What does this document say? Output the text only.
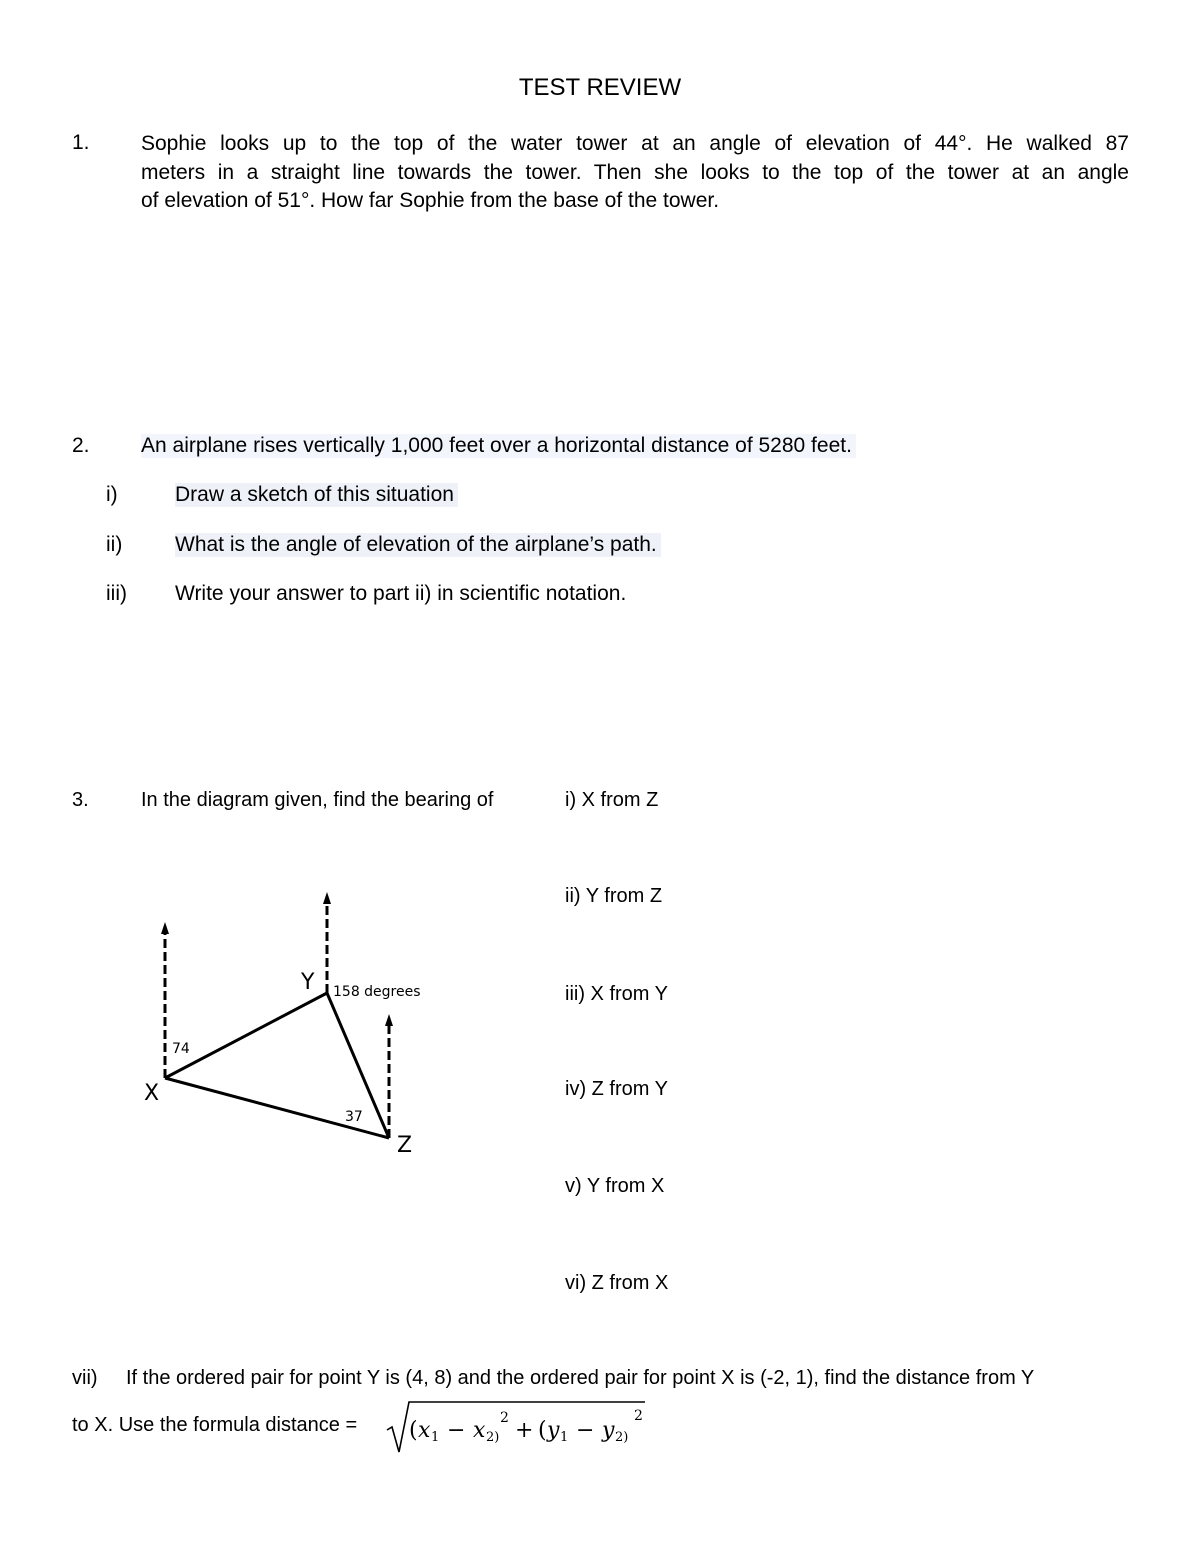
TEST REVIEW
1. Sophie looks up to the top of the water tower at an angle of elevation of 44°. He walked 87
meters in a straight line towards the tower. Then she looks to the top of the tower at an angle
of elevation of 51°. How far Sophie from the base of the tower.
2. An airplane rises vertically 1,000 feet over a horizontal distance of 5280 feet.
i)	Draw a sketch of this situation
ii)	What is the angle of elevation of the airplane’s path.
iii) Write your answer to part ii) in scientific notation.
3.	In the diagram given, find the bearing of	i) X from Z
ii) Y from Z
iii) X from Y
iv) Z from Y
v) Y from X
vi) Z from X
X
Y
Z
158 degrees
74
37
vii) If the ordered pair for point Y is (4, 8) and the ordered pair for point X is (-2, 1), find the distance from Y
to X. Use the formula distance = ( x 1 − x 2)
2 + ( y 1 − y 2)
2
